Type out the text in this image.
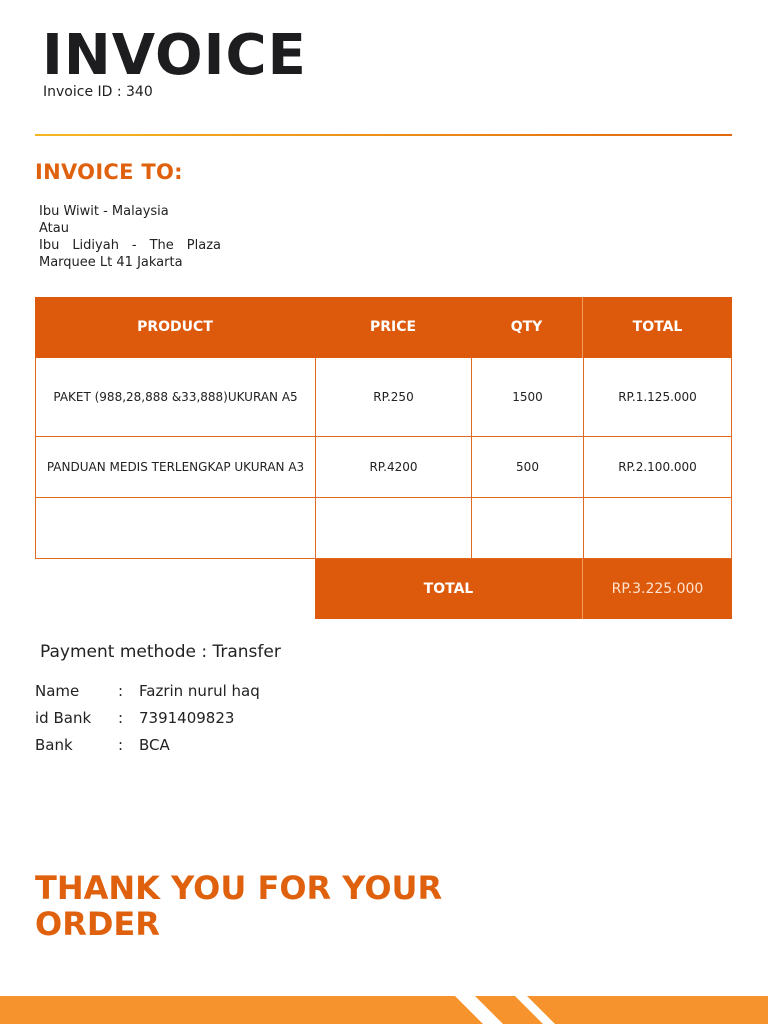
INVOICE
Invoice ID : 340
INVOICE TO:
Ibu Wiwit - Malaysia
Atau
Ibu Lidiyah - The Plaza
Marquee Lt 41 Jakarta
PRODUCT	PRICE	QTY	TOTAL
PAKET (988,28,888 &33,888)UKURAN A5	RP.250	1500	RP.1.125.000
PANDUAN MEDIS TERLENGKAP UKURAN A3	RP.4200	500	RP.2.100.000
TOTAL	RP.3.225.000
Payment methode : Transfer
Name	: Fazrin nurul haq
id Bank : 7391409823
Bank	: BCA
THANK YOU FOR YOUR
ORDER
